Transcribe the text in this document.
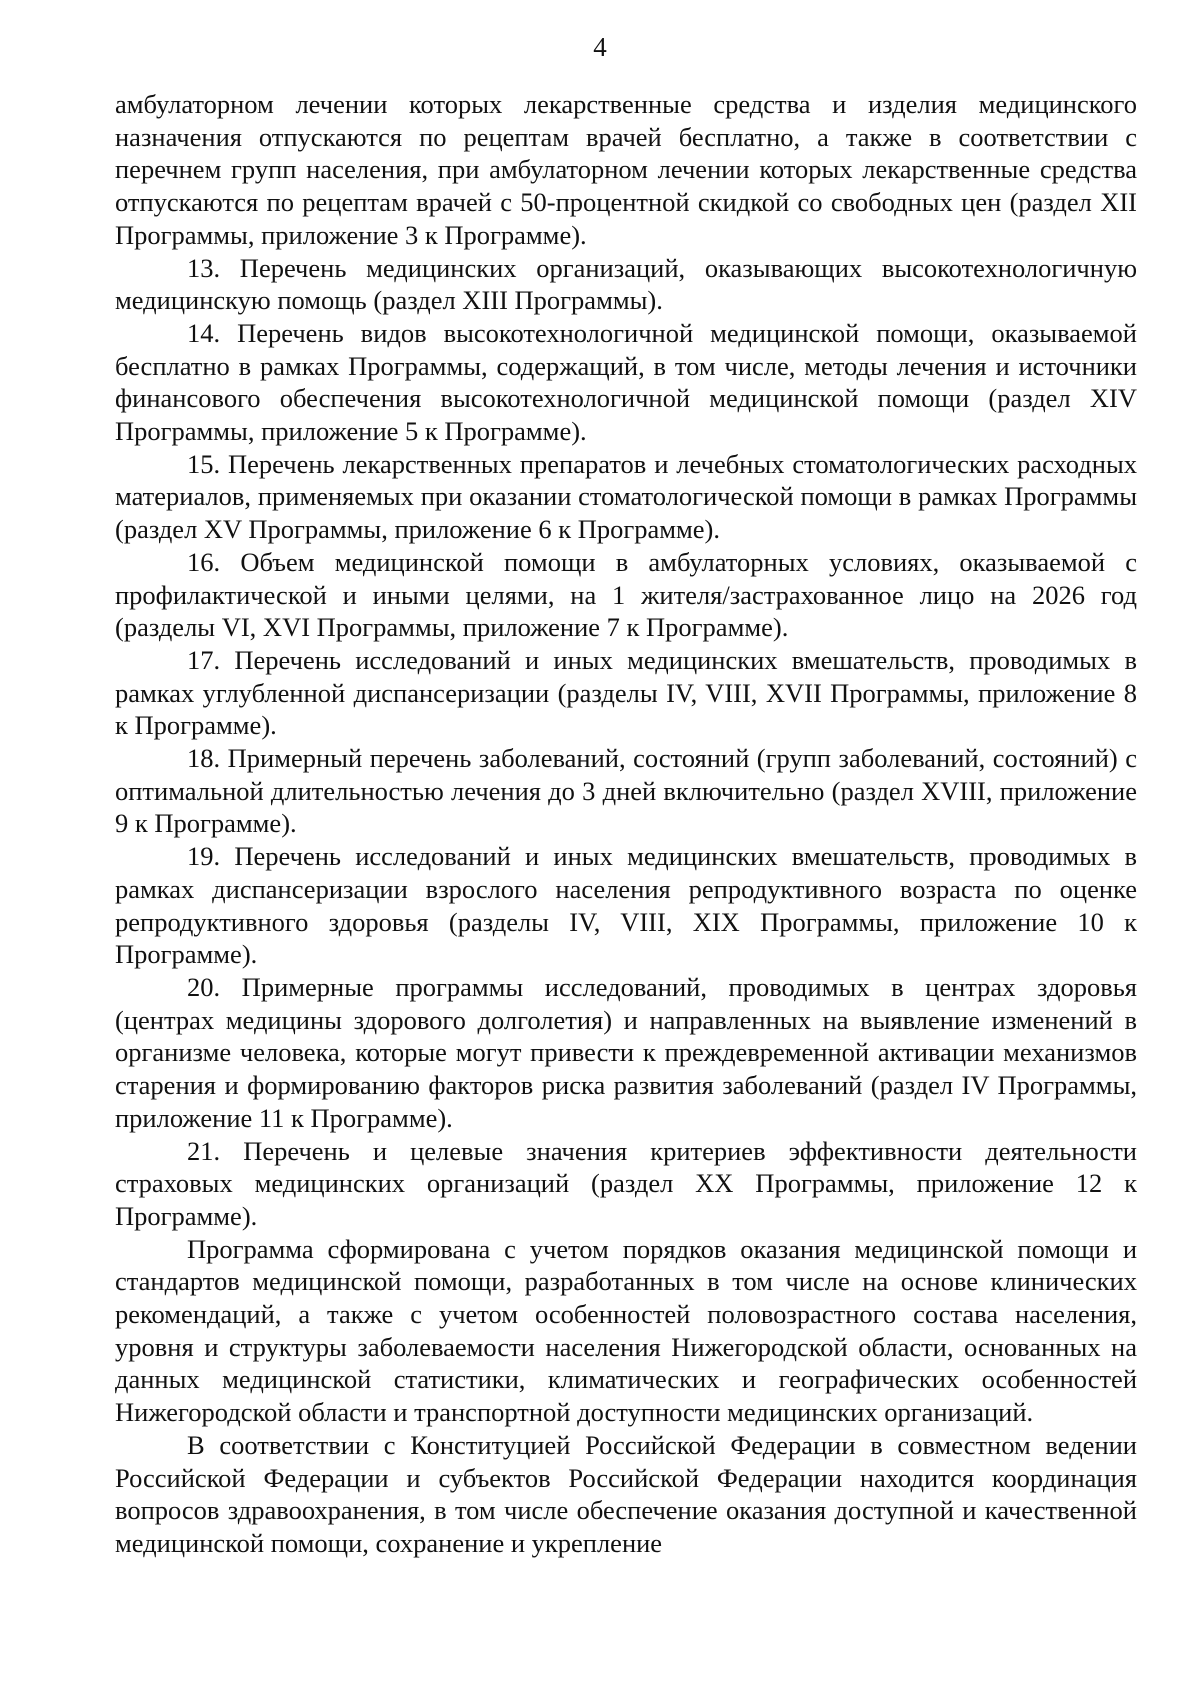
4

амбулаторном лечении которых лекарственные средства и изделия медицинского назначения отпускаются по рецептам врачей бесплатно, а также в соответствии с перечнем групп населения, при амбулаторном лечении которых лекарственные средства отпускаются по рецептам врачей с 50-процентной скидкой со свободных цен (раздел XII Программы, приложение 3 к Программе).

13. Перечень медицинских организаций, оказывающих высокотехнологичную медицинскую помощь (раздел XIII Программы).

14. Перечень видов высокотехнологичной медицинской помощи, оказываемой бесплатно в рамках Программы, содержащий, в том числе, методы лечения и источники финансового обеспечения высокотехнологичной медицинской помощи (раздел XIV Программы, приложение 5 к Программе).

15. Перечень лекарственных препаратов и лечебных стоматологических расходных материалов, применяемых при оказании стоматологической помощи в рамках Программы (раздел XV Программы, приложение 6 к Программе).

16. Объем медицинской помощи в амбулаторных условиях, оказываемой с профилактической и иными целями, на 1 жителя/застрахованное лицо на 2026 год (разделы VI, XVI Программы, приложение 7 к Программе).

17. Перечень исследований и иных медицинских вмешательств, проводимых в рамках углубленной диспансеризации (разделы IV, VIII, XVII Программы, приложение 8 к Программе).

18. Примерный перечень заболеваний, состояний (групп заболеваний, состояний) с оптимальной длительностью лечения до 3 дней включительно (раздел XVIII, приложение 9 к Программе).

19. Перечень исследований и иных медицинских вмешательств, проводимых в рамках диспансеризации взрослого населения репродуктивного возраста по оценке репродуктивного здоровья (разделы IV, VIII, XIX Программы, приложение 10 к Программе).

20. Примерные программы исследований, проводимых в центрах здоровья (центрах медицины здорового долголетия) и направленных на выявление изменений в организме человека, которые могут привести к преждевременной активации механизмов старения и формированию факторов риска развития заболеваний (раздел IV Программы, приложение 11 к Программе).

21. Перечень и целевые значения критериев эффективности деятельности страховых медицинских организаций (раздел XX Программы, приложение 12 к Программе).

Программа сформирована с учетом порядков оказания медицинской помощи и стандартов медицинской помощи, разработанных в том числе на основе клинических рекомендаций, а также с учетом особенностей половозрастного состава населения, уровня и структуры заболеваемости населения Нижегородской области, основанных на данных медицинской статистики, климатических и географических особенностей Нижегородской области и транспортной доступности медицинских организаций.

В соответствии с Конституцией Российской Федерации в совместном ведении Российской Федерации и субъектов Российской Федерации находится координация вопросов здравоохранения, в том числе обеспечение оказания доступной и качественной медицинской помощи, сохранение и укрепление
